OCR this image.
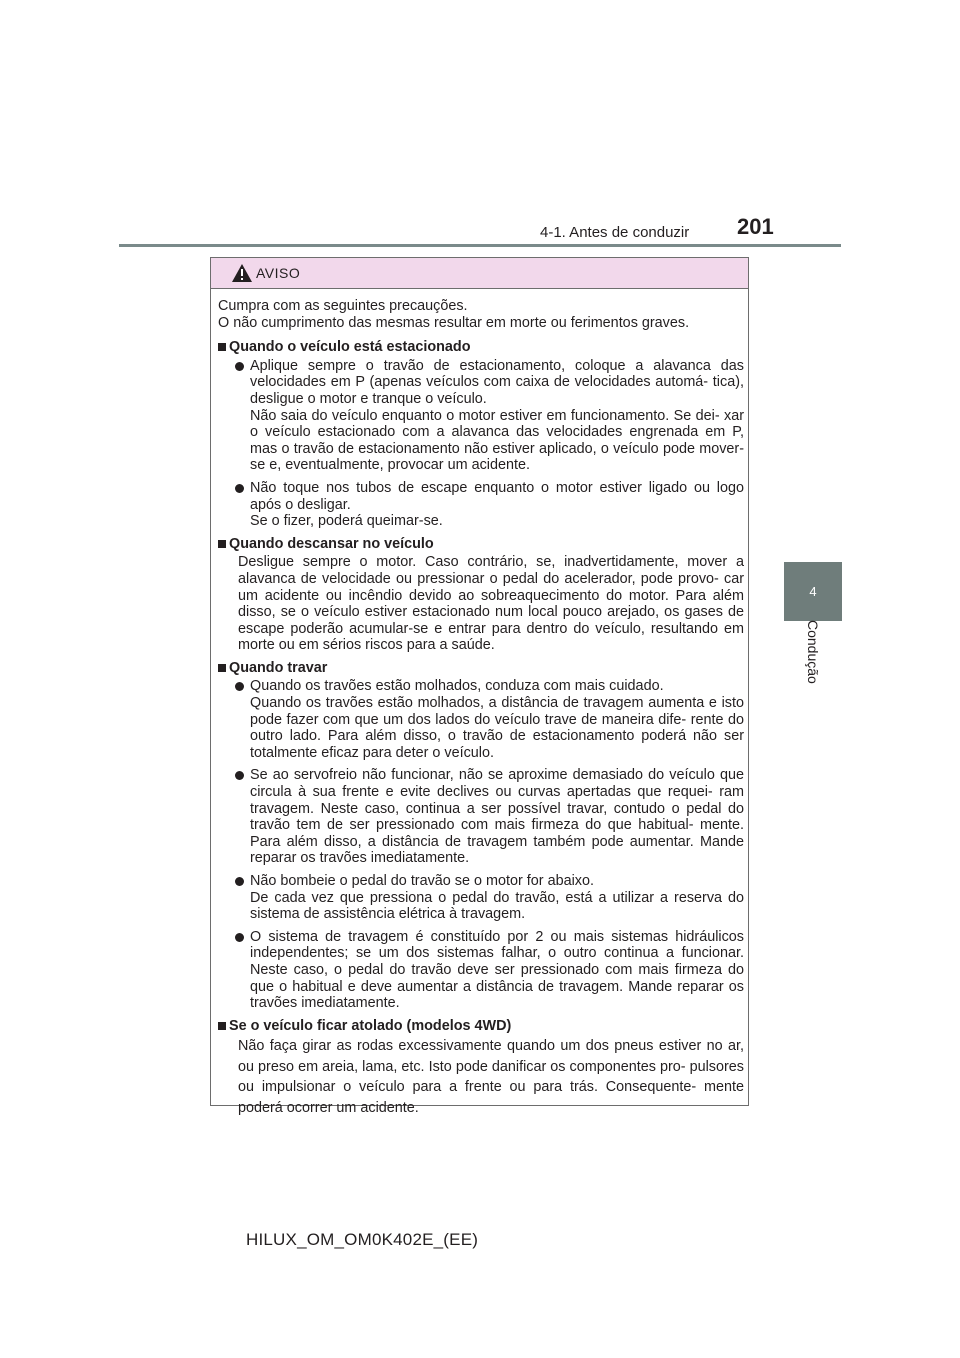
4-1. Antes de conduzir 201
4
Condução
AVISO

Cumpra com as seguintes precauções.

O não cumprimento das mesmas resultar em morte ou ferimentos graves.

Quando o veículo está estacionado

Aplique sempre o travão de estacionamento, coloque a alavanca das velocidades em P (apenas veículos com caixa de velocidades automá- tica), desligue o motor e tranque o veículo.

Não saia do veículo enquanto o motor estiver em funcionamento. Se dei- xar o veículo estacionado com a alavanca das velocidades engrenada em P, mas o travão de estacionamento não estiver aplicado, o veículo pode mover-se e, eventualmente, provocar um acidente.

Não toque nos tubos de escape enquanto o motor estiver ligado ou logo após o desligar.

Se o fizer, poderá queimar-se.

Quando descansar no veículo

Desligue sempre o motor. Caso contrário, se, inadvertidamente, mover a alavanca de velocidade ou pressionar o pedal do acelerador, pode provo- car um acidente ou incêndio devido ao sobreaquecimento do motor. Para além disso, se o veículo estiver estacionado num local pouco arejado, os gases de escape poderão acumular-se e entrar para dentro do veículo, resultando em morte ou em sérios riscos para a saúde.

Quando travar

Quando os travões estão molhados, conduza com mais cuidado.

Quando os travões estão molhados, a distância de travagem aumenta e isto pode fazer com que um dos lados do veículo trave de maneira dife- rente do outro lado. Para além disso, o travão de estacionamento poderá não ser totalmente eficaz para deter o veículo.

Se ao servofreio não funcionar, não se aproxime demasiado do veículo que circula à sua frente e evite declives ou curvas apertadas que requei- ram travagem. Neste caso, continua a ser possível travar, contudo o pedal do travão tem de ser pressionado com mais firmeza do que habitual- mente. Para além disso, a distância de travagem também pode aumentar. Mande reparar os travões imediatamente.

Não bombeie o pedal do travão se o motor for abaixo.

De cada vez que pressiona o pedal do travão, está a utilizar a reserva do sistema de assistência elétrica à travagem.

O sistema de travagem é constituído por 2 ou mais sistemas hidráulicos independentes; se um dos sistemas falhar, o outro continua a funcionar. Neste caso, o pedal do travão deve ser pressionado com mais firmeza do que o habitual e deve aumentar a distância de travagem. Mande reparar os travões imediatamente.

Se o veículo ficar atolado (modelos 4WD)

Não faça girar as rodas excessivamente quando um dos pneus estiver no ar, ou preso em areia, lama, etc. Isto pode danificar os componentes pro- pulsores ou impulsionar o veículo para a frente ou para trás. Consequente- mente poderá ocorrer um acidente.

HILUX_OM_OM0K402E_(EE)
